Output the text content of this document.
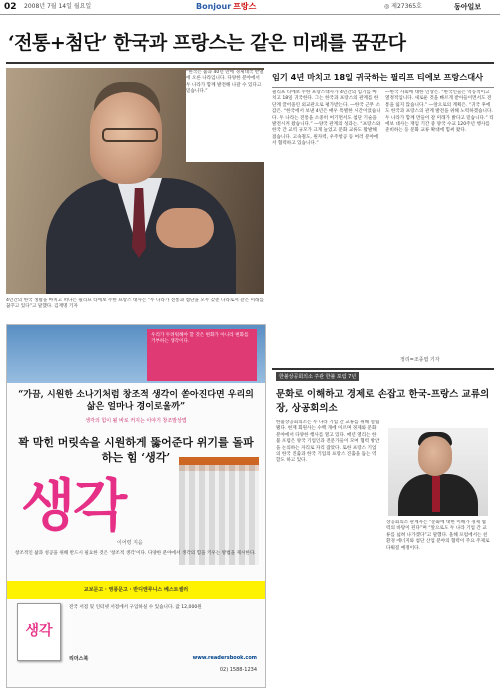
02 2008년 7월 14일 월요일	Bonjour 프랑스	◎ 제27365호	동아일보
‘전통+첨단’ 한국과 프랑스는 같은 미래를 꿈꾼다
“한국은 불과 40년 만에 경제대국 반열에 오른 나라입니다. 다양한 분야에서 두 나라가 함께 발전해 나갈 수 있다고 믿습니다.”
4년간의 한국 생활을 마치고 떠나는 필리프 티에보 주한 프랑스 대사는 “두 나라가 전통과 첨단을 모두 갖춘 나라로서 같은 미래를 꿈꾸고 있다”고 말했다. 김재명 기자
우리가 두려워해야 할 것은 변화가 아니라 변화를 거부하는 생각이다.
“가끔, 시원한 소나기처럼 창조적 생각이 쏟아진다면 우리의 삶은 얼마나 경이로울까”
생각의 힘이 될 바로 커지는 이야기 창조발상법
꽉 막힌 머릿속을 시원하게 뚫어준다 위기를 돌파하는 힘 ‘생각’
생각
이어령 지음
창조적인 삶과 성공을 위해 반드시 필요한 것은 ‘창조적 생각’이다. 다양한 분야에서 생각의 힘을 키우는 방법을 제시한다.
교보문고 · 영풍문고 · 반디앤루니스 베스트셀러
생각
전국 서점 및 인터넷 서점에서 구입하실 수 있습니다. 값 12,000원
리더스북	www.readersbook.com
02) 1588-1234
임기 4년 마치고 18일 귀국하는 필리프 티에보 프랑스대사
필리프 티에보 주한 프랑스대사가 4년간의 임기를 마치고 18일 귀국한다. 그는 한국과 프랑스의 관계를 한 단계 끌어올린 외교관으로 평가받는다. ―한국 근무 소감은. “한국에서 보낸 4년은 매우 특별한 시간이었습니다. 두 나라는 전통을 소중히 여기면서도 첨단 기술을 발전시켜 왔습니다.” ―양국 관계의 성과는. “프랑스와 한국 간 교역 규모가 크게 늘었고 문화 교류도 활발해졌습니다. 고속철도, 원자력, 우주항공 등 여러 분야에서 협력하고 있습니다.”
―한국 사회에 대한 인상은. “한국인들은 역동적이고 열정적입니다. 새로운 것을 빠르게 받아들이면서도 전통을 잃지 않습니다.” ―앞으로의 계획은. “귀국 후에도 한국과 프랑스의 관계 발전을 위해 노력하겠습니다. 두 나라가 함께 만들어 갈 미래가 밝다고 믿습니다.” 티에보 대사는 재임 기간 중 양국 수교 120주년 행사를 준비하는 등 문화 교류 확대에 힘써 왔다.
정리=조종엽 기자
한불상공회의소 주관 한불 포럼 7년
문화로 이해하고 경제로 손잡고 한국-프랑스 교류의 장, 상공회의소
한불상공회의소는 두 나라 기업 간 교류를 위해 설립됐다. 현재 회원사는 수백 개에 이르며 경제와 문화 분야에서 다양한 행사를 열고 있다. 매년 열리는 한불 포럼은 양국 기업인과 전문가들이 모여 협력 방안을 논의하는 자리로 자리 잡았다. 또한 프랑스 기업의 한국 진출과 한국 기업의 프랑스 진출을 돕는 역할도 하고 있다.
상공회의소 관계자는 “문화에 대한 이해가 경제 협력의 바탕이 된다”며 “앞으로도 두 나라 기업 간 교류를 넓혀 나가겠다”고 말했다. 올해 포럼에서는 친환경 에너지와 첨단 산업 분야의 협력이 주요 주제로 다뤄질 예정이다.
